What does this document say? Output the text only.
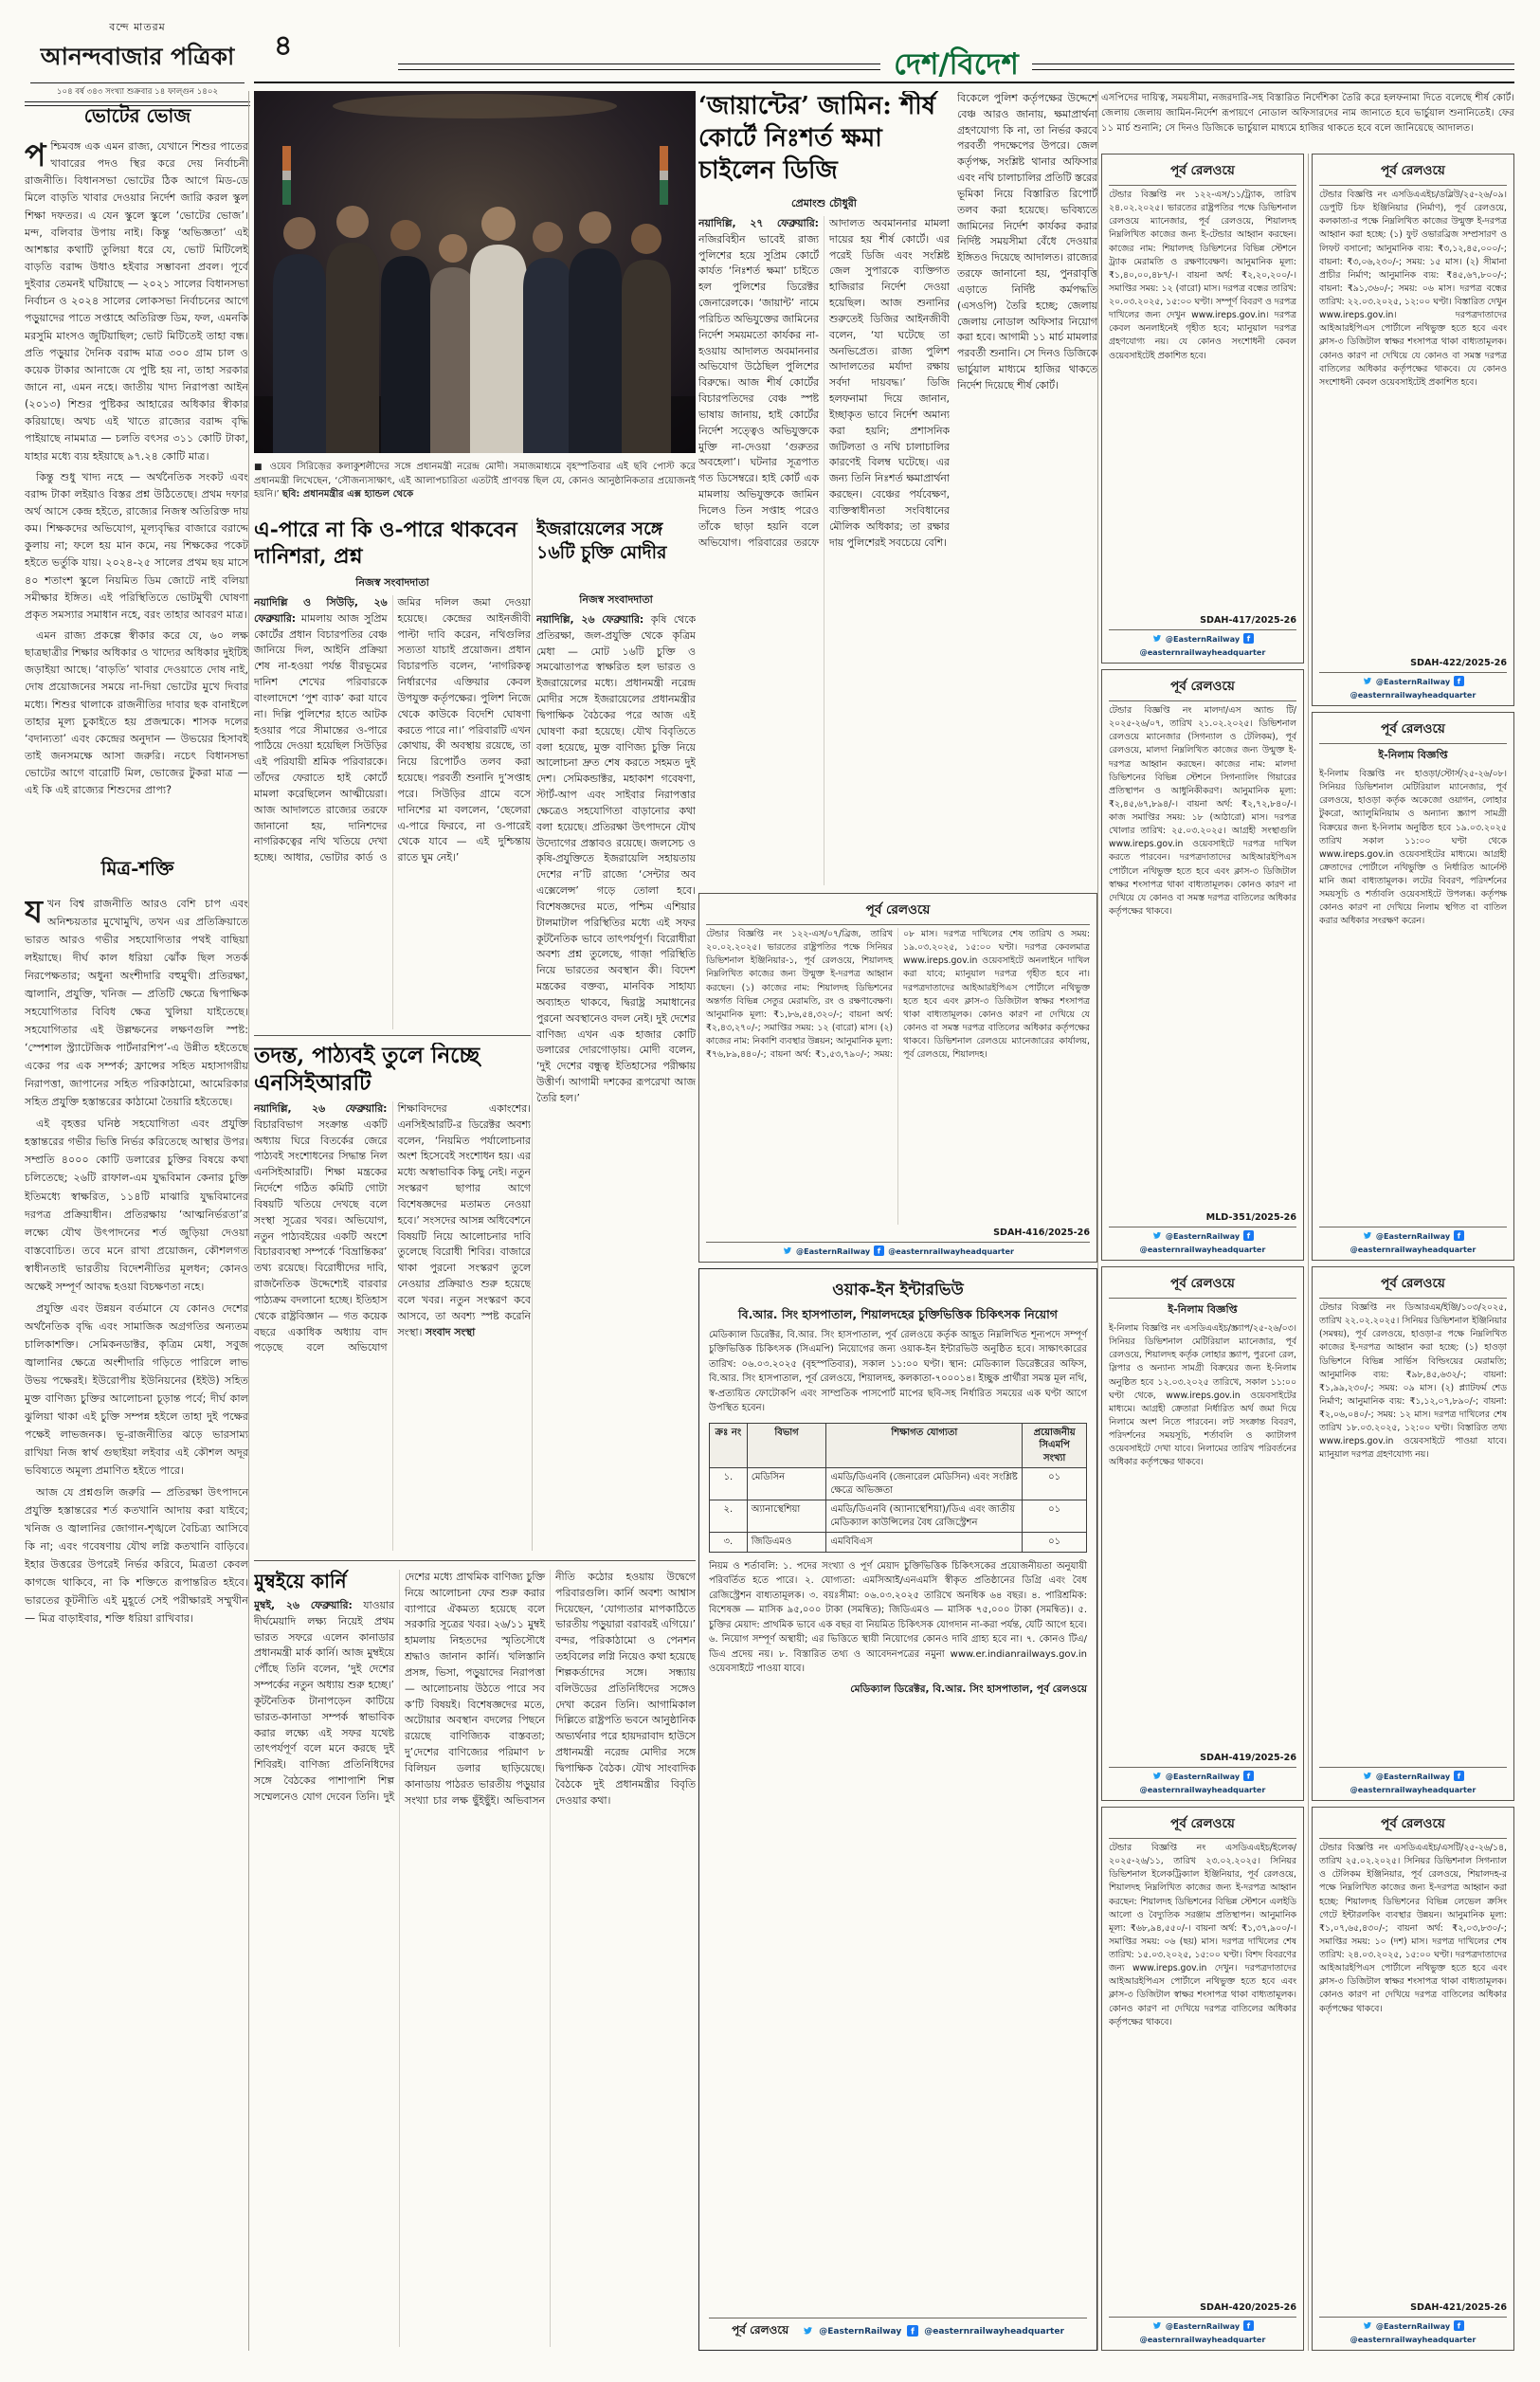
বন্দে মাতরম
আনন্দবাজার পত্রিকা
১০৪ বর্ষ ৩৪৩ সংখ্যা শুক্রবার ১৪ ফাল্গুন ১৪০২
৪
দেশ/বিদেশ
ভোটের ভোজ

পশ্চিমবঙ্গ এক এমন রাজ্য, যেখানে শিশুর পাতের খাবারের পদও স্থির করে দেয় নির্বাচনী রাজনীতি। বিধানসভা ভোটের ঠিক আগে মিড-ডে মিলে বাড়তি খাবার দেওয়ার নির্দেশ জারি করল স্কুল শিক্ষা দফতর। এ যেন স্কুলে স্কুলে ‘ভোটের ভোজ’। মন্দ, বলিবার উপায় নাই। কিন্তু ‘অভিজ্ঞতা’ এই আশঙ্কার কথাটি তুলিয়া ধরে যে, ভোট মিটিলেই বাড়তি বরাদ্দ উধাও হইবার সম্ভাবনা প্রবল। পূর্বে দুইবার তেমনই ঘটিয়াছে — ২০২১ সালের বিধানসভা নির্বাচন ও ২০২৪ সালের লোকসভা নির্বাচনের আগে পড়ুয়াদের পাতে সপ্তাহে অতিরিক্ত ডিম, ফল, এমনকি মরসুমি মাংসও জুটিয়াছিল; ভোট মিটিতেই তাহা বন্ধ। প্রতি পড়ুয়ার দৈনিক বরাদ্দ মাত্র ৩০০ গ্রাম চাল ও কয়েক টাকার আনাজে যে পুষ্টি হয় না, তাহা সরকার জানে না, এমন নহে। জাতীয় খাদ্য নিরাপত্তা আইন (২০১৩) শিশুর পুষ্টিকর আহারের অধিকার স্বীকার করিয়াছে। অথচ এই খাতে রাজ্যের বরাদ্দ বৃদ্ধি পাইয়াছে নামমাত্র — চলতি বৎসর ৩১১ কোটি টাকা, যাহার মধ্যে ব্যয় হইয়াছে ৯৭.২৪ কোটি মাত্র।

কিন্তু শুধু খাদ্য নহে — অর্থনৈতিক সংকট এবং বরাদ্দ টাকা লইয়াও বিস্তর প্রশ্ন উঠিতেছে। প্রথম দফার অর্থ আসে কেন্দ্র হইতে, রাজ্যের নিজস্ব অতিরিক্ত দায় কম। শিক্ষকদের অভিযোগ, মূল্যবৃদ্ধির বাজারে বরাদ্দে কুলায় না; ফলে হয় মান কমে, নয় শিক্ষকের পকেট হইতে ভর্তুকি যায়। ২০২৪-২৫ সালের প্রথম ছয় মাসে ৪০ শতাংশ স্কুলে নিয়মিত ডিম জোটে নাই বলিয়া সমীক্ষার ইঙ্গিত। এই পরিস্থিতিতে ভোটমুখী ঘোষণা প্রকৃত সমস্যার সমাধান নহে, বরং তাহার আবরণ মাত্র।

এমন রাজ্য প্রকল্পে স্বীকার করে যে, ৬০ লক্ষ ছাত্রছাত্রীর শিক্ষার অধিকার ও খাদ্যের অধিকার দুইটিই জড়াইয়া আছে। ‘বাড়তি’ খাবার দেওয়াতে দোষ নাই, দোষ প্রয়োজনের সময়ে না-দিয়া ভোটের মুখে দিবার মধ্যে। শিশুর থালাকে রাজনীতির দাবার ছক বানাইলে তাহার মূল্য চুকাইতে হয় প্রজন্মকে। শাসক দলের ‘বদান্যতা’ এবং কেন্দ্রের অনুদান — উভয়ের হিসাবই তাই জনসমক্ষে আসা জরুরি। নচেৎ বিধানসভা ভোটের আগে বারোটি মিল, ভোজের টুকরা মাত্র — এই কি এই রাজ্যের শিশুদের প্রাপ্য?

মিত্র-শক্তি

যখন বিশ্ব রাজনীতি আরও বেশি চাপ এবং অনিশ্চয়তার মুখোমুখি, তখন এর প্রতিক্রিয়াতে ভারত আরও গভীর সহযোগিতার পথই বাছিয়া লইয়াছে। দীর্ঘ কাল ধরিয়া ঝোঁক ছিল সতর্ক নিরপেক্ষতার; অধুনা অংশীদারি বহুমুখী। প্রতিরক্ষা, জ্বালানি, প্রযুক্তি, খনিজ — প্রতিটি ক্ষেত্রে দ্বিপাক্ষিক সহযোগিতার বিবিধ ক্ষেত্র খুলিয়া যাইতেছে। সহযোগিতার এই উল্লম্ফনের লক্ষণগুলি স্পষ্ট: ‘স্পেশাল স্ট্র্যাটেজিক পার্টনারশিপ’-এ উন্নীত হইতেছে একের পর এক সম্পর্ক; ফ্রান্সের সহিত মহাসাগরীয় নিরাপত্তা, জাপানের সহিত পরিকাঠামো, আমেরিকার সহিত প্রযুক্তি হস্তান্তরের কাঠামো তৈয়ারি হইতেছে।

এই বৃহত্তর ঘনিষ্ঠ সহযোগিতা এবং প্রযুক্তি হস্তান্তরের গভীর ভিত্তি নির্ভর করিতেছে আস্থার উপর। সম্প্রতি ৪০০০ কোটি ডলারের চুক্তির বিষয়ে কথা চলিতেছে; ২৬টি রাফাল-এম যুদ্ধবিমান কেনার চুক্তি ইতিমধ্যে স্বাক্ষরিত, ১১৪টি মাঝারি যুদ্ধবিমানের দরপত্র প্রক্রিয়াধীন। প্রতিরক্ষায় ‘আত্মনির্ভরতা’র লক্ষ্যে যৌথ উৎপাদনের শর্ত জুড়িয়া দেওয়া বাস্তবোচিত। তবে মনে রাখা প্রয়োজন, কৌশলগত স্বাধীনতাই ভারতীয় বিদেশনীতির মূলধন; কোনও অক্ষেই সম্পূর্ণ আবদ্ধ হওয়া বিচক্ষণতা নহে।

প্রযুক্তি এবং উন্নয়ন বর্তমানে যে কোনও দেশের অর্থনৈতিক বৃদ্ধি এবং সামাজিক অগ্রগতির অন্যতম চালিকাশক্তি। সেমিকনডাক্টর, কৃত্রিম মেধা, সবুজ জ্বালানির ক্ষেত্রে অংশীদারি গড়িতে পারিলে লাভ উভয় পক্ষেরই। ইউরোপীয় ইউনিয়নের (ইইউ) সহিত মুক্ত বাণিজ্য চুক্তির আলোচনা চূড়ান্ত পর্বে; দীর্ঘ কাল ঝুলিয়া থাকা এই চুক্তি সম্পন্ন হইলে তাহা দুই পক্ষের পক্ষেই লাভজনক। ভূ-রাজনীতির ঝড়ে ভারসাম্য রাখিয়া নিজ স্বার্থ গুছাইয়া লইবার এই কৌশল অদূর ভবিষ্যতে অমূল্য প্রমাণিত হইতে পারে।

আজ যে প্রশ্নগুলি জরুরি — প্রতিরক্ষা উৎপাদনে প্রযুক্তি হস্তান্তরের শর্ত কতখানি আদায় করা যাইবে; খনিজ ও জ্বালানির জোগান-শৃঙ্খলে বৈচিত্র্য আসিবে কি না; এবং গবেষণায় যৌথ লগ্নি কতখানি বাড়িবে। ইহার উত্তরের উপরেই নির্ভর করিবে, মিত্রতা কেবল কাগজে থাকিবে, না কি শক্তিতে রূপান্তরিত হইবে। ভারতের কূটনীতি এই মুহূর্তে সেই পরীক্ষারই সম্মুখীন — মিত্র বাড়াইবার, শক্তি ধরিয়া রাখিবার।

■ ওয়েব সিরিজ়ের কলাকুশলীদের সঙ্গে প্রধানমন্ত্রী নরেন্দ্র মোদী। সমাজমাধ্যমে বৃহস্পতিবার এই ছবি পোস্ট করে প্রধানমন্ত্রী লিখেছেন, ‘সৌজন্যসাক্ষাৎ, এই আলাপচারিতা এতটাই প্রাণবন্ত ছিল যে, কোনও আনুষ্ঠানিকতার প্রয়োজনই হয়নি।’ ছবি: প্রধানমন্ত্রীর এক্স হ্যান্ডল থেকে
এ-পারে না কি ও-পারে থাকবেন দানিশরা, প্রশ্ন
নিজস্ব সংবাদদাতা

নয়াদিল্লি ও সিউড়ি, ২৬ ফেব্রুয়ারি: মামলায় আজ সুপ্রিম কোর্টের প্রধান বিচারপতির বেঞ্চ জানিয়ে দিল, আইনি প্রক্রিয়া শেষ না-হওয়া পর্যন্ত বীরভূমের দানিশ শেখের পরিবারকে বাংলাদেশে ‘পুশ ব্যাক’ করা যাবে না। দিল্লি পুলিশের হাতে আটক হওয়ার পরে সীমান্তের ও-পারে পাঠিয়ে দেওয়া হয়েছিল সিউড়ির এই পরিযায়ী শ্রমিক পরিবারকে। তাঁদের ফেরাতে হাই কোর্টে মামলা করেছিলেন আত্মীয়েরা। আজ আদালতে রাজ্যের তরফে জানানো হয়, দানিশদের নাগরিকত্বের নথি খতিয়ে দেখা হচ্ছে। আধার, ভোটার কার্ড ও জমির দলিল জমা দেওয়া হয়েছে। কেন্দ্রের আইনজীবী পাল্টা দাবি করেন, নথিগুলির সত্যতা যাচাই প্রয়োজন। প্রধান বিচারপতি বলেন, ‘নাগরিকত্ব নির্ধারণের এক্তিয়ার কেবল উপযুক্ত কর্তৃপক্ষের। পুলিশ নিজে থেকে কাউকে বিদেশি ঘোষণা করতে পারে না।’ পরিবারটি এখন কোথায়, কী অবস্থায় রয়েছে, তা নিয়ে রিপোর্টও তলব করা হয়েছে। পরবর্তী শুনানি দু’সপ্তাহ পরে। সিউড়ির গ্রামে বসে দানিশের মা বললেন, ‘ছেলেরা এ-পারে ফিরবে, না ও-পারেই থেকে যাবে — এই দুশ্চিন্তায় রাতে ঘুম নেই।’

ইজরায়েলের সঙ্গে ১৬টি চুক্তি মোদীর
নিজস্ব সংবাদদাতা

নয়াদিল্লি, ২৬ ফেব্রুয়ারি: কৃষি থেকে প্রতিরক্ষা, জল-প্রযুক্তি থেকে কৃত্রিম মেধা — মোট ১৬টি চুক্তি ও সমঝোতাপত্র স্বাক্ষরিত হল ভারত ও ইজরায়েলের মধ্যে। প্রধানমন্ত্রী নরেন্দ্র মোদীর সঙ্গে ইজরায়েলের প্রধানমন্ত্রীর দ্বিপাক্ষিক বৈঠকের পরে আজ এই ঘোষণা করা হয়েছে। যৌথ বিবৃতিতে বলা হয়েছে, মুক্ত বাণিজ্য চুক্তি নিয়ে আলোচনা দ্রুত শেষ করতে সহমত দুই দেশ। সেমিকন্ডাক্টর, মহাকাশ গবেষণা, স্টার্ট-আপ এবং সাইবার নিরাপত্তার ক্ষেত্রেও সহযোগিতা বাড়ানোর কথা বলা হয়েছে। প্রতিরক্ষা উৎপাদনে যৌথ উদ্যোগের প্রস্তাবও রয়েছে। জলসেচ ও কৃষি-প্রযুক্তিতে ইজরায়েলি সহায়তায় দেশের ন’টি রাজ্যে ‘সেন্টার অব এক্সেলেন্স’ গড়ে তোলা হবে। বিশেষজ্ঞদের মতে, পশ্চিম এশিয়ার টালমাটাল পরিস্থিতির মধ্যে এই সফর কূটনৈতিক ভাবে তাৎপর্যপূর্ণ। বিরোধীরা অবশ্য প্রশ্ন তুলেছে, গাজ়া পরিস্থিতি নিয়ে ভারতের অবস্থান কী। বিদেশ মন্ত্রকের বক্তব্য, মানবিক সাহায্য অব্যাহত থাকবে, দ্বিরাষ্ট্র সমাধানের পুরনো অবস্থানেও বদল নেই। দুই দেশের বাণিজ্য এখন এক হাজার কোটি ডলারের দোরগোড়ায়। মোদী বলেন, ‘দুই দেশের বন্ধুত্ব ইতিহাসের পরীক্ষায় উত্তীর্ণ। আগামী দশকের রূপরেখা আজ তৈরি হল।’

তদন্ত, পাঠ্যবই তুলে নিচ্ছে এনসিইআরটি

নয়াদিল্লি, ২৬ ফেব্রুয়ারি: বিচারবিভাগ সংক্রান্ত একটি অধ্যায় ঘিরে বিতর্কের জেরে পাঠ্যবই সংশোধনের সিদ্ধান্ত নিল এনসিইআরটি। শিক্ষা মন্ত্রকের নির্দেশে গঠিত কমিটি গোটা বিষয়টি খতিয়ে দেখছে বলে সংস্থা সূত্রের খবর। অভিযোগ, নতুন পাঠ্যবইয়ের একটি অংশে বিচারব্যবস্থা সম্পর্কে ‘বিভ্রান্তিকর’ তথ্য রয়েছে। বিরোধীদের দাবি, রাজনৈতিক উদ্দেশ্যেই বারবার পাঠ্যক্রম বদলানো হচ্ছে। ইতিহাস থেকে রাষ্ট্রবিজ্ঞান — গত কয়েক বছরে একাধিক অধ্যায় বাদ পড়েছে বলে অভিযোগ শিক্ষাবিদদের একাংশের। এনসিইআরটি-র ডিরেক্টর অবশ্য বলেন, ‘নিয়মিত পর্যালোচনার অংশ হিসেবেই সংশোধন হয়। এর মধ্যে অস্বাভাবিক কিছু নেই। নতুন সংস্করণ ছাপার আগে বিশেষজ্ঞদের মতামত নেওয়া হবে।’ সংসদের আসন্ন অধিবেশনে বিষয়টি নিয়ে আলোচনার দাবি তুলেছে বিরোধী শিবির। বাজারে থাকা পুরনো সংস্করণ তুলে নেওয়ার প্রক্রিয়াও শুরু হয়েছে বলে খবর। নতুন সংস্করণ কবে আসবে, তা অবশ্য স্পষ্ট করেনি সংস্থা। সংবাদ সংস্থা

মুম্বইয়ে কার্নি

মুম্বই, ২৬ ফেব্রুয়ারি: যাওয়ার দীর্ঘমেয়াদি লক্ষ্য নিয়েই প্রথম ভারত সফরে এলেন কানাডার প্রধানমন্ত্রী মার্ক কার্নি। আজ মুম্বইয়ে পৌঁছে তিনি বলেন, ‘দুই দেশের সম্পর্কের নতুন অধ্যায় শুরু হচ্ছে।’ কূটনৈতিক টানাপড়েন কাটিয়ে ভারত-কানাডা সম্পর্ক স্বাভাবিক করার লক্ষ্যে এই সফর যথেষ্ট তাৎপর্যপূর্ণ বলে মনে করছে দুই শিবিরই। বাণিজ্য প্রতিনিধিদের সঙ্গে বৈঠকের পাশাপাশি শিল্প সম্মেলনেও যোগ দেবেন তিনি। দুই দেশের মধ্যে প্রাথমিক বাণিজ্য চুক্তি নিয়ে আলোচনা ফের শুরু করার ব্যাপারে ঐকমত্য হয়েছে বলে সরকারি সূত্রের খবর। ২৬/১১ মুম্বই হামলায় নিহতদের স্মৃতিসৌধে শ্রদ্ধাও জানান কার্নি। খলিস্তানি প্রসঙ্গ, ভিসা, পড়ুয়াদের নিরাপত্তা — আলোচনায় উঠতে পারে সব ক’টি বিষয়ই। বিশেষজ্ঞদের মতে, অটোয়ার অবস্থান বদলের পিছনে রয়েছে বাণিজ্যিক বাস্তবতা; দু’দেশের বাণিজ্যের পরিমাণ ৮ বিলিয়ন ডলার ছাড়িয়েছে। কানাডায় পাঠরত ভারতীয় পড়ুয়ার সংখ্যা চার লক্ষ ছুঁইছুঁই। অভিবাসন নীতি কঠোর হওয়ায় উদ্বেগে পরিবারগুলি। কার্নি অবশ্য আশ্বাস দিয়েছেন, ‘যোগ্যতার মাপকাঠিতে ভারতীয় পড়ুয়ারা বরাবরই এগিয়ে।’ বন্দর, পরিকাঠামো ও পেনশন তহবিলের লগ্নি নিয়েও কথা হয়েছে শিল্পকর্তাদের সঙ্গে। সন্ধ্যায় বলিউডের প্রতিনিধিদের সঙ্গেও দেখা করেন তিনি। আগামিকাল দিল্লিতে রাষ্ট্রপতি ভবনে আনুষ্ঠানিক অভ্যর্থনার পরে হায়দরাবাদ হাউসে প্রধানমন্ত্রী নরেন্দ্র মোদীর সঙ্গে দ্বিপাক্ষিক বৈঠক। যৌথ সাংবাদিক বৈঠকে দুই প্রধানমন্ত্রীর বিবৃতি দেওয়ার কথা।

‘জায়ান্টের’ জামিন: শীর্ষ কোর্টে নিঃশর্ত ক্ষমা চাইলেন ডিজি
প্রেমাংশু চৌধুরী

নয়াদিল্লি, ২৭ ফেব্রুয়ারি: নজিরবিহীন ভাবেই রাজ্য পুলিশের হয়ে সুপ্রিম কোর্টে কার্যত ‘নিঃশর্ত ক্ষমা’ চাইতে হল পুলিশের ডিরেক্টর জেনারেলকে। ‘জায়ান্ট’ নামে পরিচিত অভিযুক্তের জামিনের নির্দেশ সময়মতো কার্যকর না-হওয়ায় আদালত অবমাননার অভিযোগ উঠেছিল পুলিশের বিরুদ্ধে। আজ শীর্ষ কোর্টের বিচারপতিদের বেঞ্চ স্পষ্ট ভাষায় জানায়, হাই কোর্টের নির্দেশ সত্ত্বেও অভিযুক্তকে মুক্তি না-দেওয়া ‘গুরুতর অবহেলা’। ঘটনার সূত্রপাত গত ডিসেম্বরে। হাই কোর্ট এক মামলায় অভিযুক্তকে জামিন দিলেও তিন সপ্তাহ পরেও তাঁকে ছাড়া হয়নি বলে অভিযোগ। পরিবারের তরফে আদালত অবমাননার মামলা দায়ের হয় শীর্ষ কোর্টে। এর পরেই ডিজি এবং সংশ্লিষ্ট জেল সুপারকে ব্যক্তিগত হাজিরার নির্দেশ দেওয়া হয়েছিল। আজ শুনানির শুরুতেই ডিজির আইনজীবী বলেন, ‘যা ঘটেছে তা অনভিপ্রেত। রাজ্য পুলিশ আদালতের মর্যাদা রক্ষায় সর্বদা দায়বদ্ধ।’ ডিজি হলফনামা দিয়ে জানান, ইচ্ছাকৃত ভাবে নির্দেশ অমান্য করা হয়নি; প্রশাসনিক জটিলতা ও নথি চালাচালির কারণেই বিলম্ব ঘটেছে। এর জন্য তিনি নিঃশর্ত ক্ষমাপ্রার্থনা করছেন। বেঞ্চের পর্যবেক্ষণ, ব্যক্তিস্বাধীনতা সংবিধানের মৌলিক অধিকার; তা রক্ষার দায় পুলিশেরই সবচেয়ে বেশি।

বিকেলে পুলিশ কর্তৃপক্ষের উদ্দেশে বেঞ্চ আরও জানায়, ক্ষমাপ্রার্থনা গ্রহণযোগ্য কি না, তা নির্ভর করবে পরবর্তী পদক্ষেপের উপরে। জেল কর্তৃপক্ষ, সংশ্লিষ্ট থানার অফিসার এবং নথি চালাচালির প্রতিটি স্তরের ভূমিকা নিয়ে বিস্তারিত রিপোর্ট তলব করা হয়েছে। ভবিষ্যতে জামিনের নির্দেশ কার্যকর করার নির্দিষ্ট সময়সীমা বেঁধে দেওয়ার ইঙ্গিতও দিয়েছে আদালত। রাজ্যের তরফে জানানো হয়, পুনরাবৃত্তি এড়াতে নির্দিষ্ট কর্মপদ্ধতি (এসওপি) তৈরি হচ্ছে; জেলায় জেলায় নোডাল অফিসার নিয়োগ করা হবে। আগামী ১১ মার্চ মামলার পরবর্তী শুনানি। সে দিনও ডিজিকে ভার্চুয়াল মাধ্যমে হাজির থাকতে নির্দেশ দিয়েছে শীর্ষ কোর্ট।

এসপিদের দায়িত্ব, সময়সীমা, নজরদারি-সহ বিস্তারিত নির্দেশিকা তৈরি করে হলফনামা দিতে বলেছে শীর্ষ কোর্ট। জেলায় জেলায় জামিন-নির্দেশ রূপায়ণে নোডাল অফিসারদের নাম জানাতে হবে ভার্চুয়াল শুনানিতেই। ফের ১১ মার্চ শুনানি; সে দিনও ডিজিকে ভার্চুয়াল মাধ্যমে হাজির থাকতে হবে বলে জানিয়েছে আদালত।

পূর্ব রেলওয়ে
টেন্ডার বিজ্ঞপ্তি নং ১২২-এস/০৭/ব্রিজ, তারিখ ২০.০২.২০২৫। ভারতের রাষ্ট্রপতির পক্ষে সিনিয়র ডিভিশনাল ইঞ্জিনিয়ার-১, পূর্ব রেলওয়ে, শিয়ালদহ নিম্নলিখিত কাজের জন্য উন্মুক্ত ই-দরপত্র আহ্বান করছেন। (১) কাজের নাম: শিয়ালদহ ডিভিশনের অন্তর্গত বিভিন্ন সেতুর মেরামতি, রং ও রক্ষণাবেক্ষণ। আনুমানিক মূল্য: ₹১,৮৬,৫৪,৩২০/-; বায়না অর্থ: ₹২,৪৩,২৭০/-; সমাপ্তির সময়: ১২ (বারো) মাস। (২) কাজের নাম: নিকাশি ব্যবস্থার উন্নয়ন; আনুমানিক মূল্য: ₹৭৬,৮৯,৪৪০/-; বায়না অর্থ: ₹১,৫৩,৭৯০/-; সময়: ০৮ মাস। দরপত্র দাখিলের শেষ তারিখ ও সময়: ১৯.০৩.২০২৫, ১৫:০০ ঘণ্টা। দরপত্র কেবলমাত্র www.ireps.gov.in ওয়েবসাইটে অনলাইনে দাখিল করা যাবে; ম্যানুয়াল দরপত্র গৃহীত হবে না। দরপত্রদাতাদের আইআরইপিএস পোর্টালে নথিভুক্ত হতে হবে এবং ক্লাস-৩ ডিজিটাল স্বাক্ষর শংসাপত্র থাকা বাধ্যতামূলক। কোনও কারণ না দেখিয়ে যে কোনও বা সমস্ত দরপত্র বাতিলের অধিকার কর্তৃপক্ষের থাকবে। ডিভিশনাল রেলওয়ে ম্যানেজারের কার্যালয়, পূর্ব রেলওয়ে, শিয়ালদহ।
SDAH-416/2025-26
@EasternRailway f @easternrailwayheadquarter
ওয়াক-ইন ইন্টারভিউ
বি.আর. সিং হাসপাতাল, শিয়ালদহের চুক্তিভিত্তিক চিকিৎসক নিয়োগ
মেডিক্যাল ডিরেক্টর, বি.আর. সিং হাসপাতাল, পূর্ব রেলওয়ে কর্তৃক আহূত নিম্নলিখিত শূন্যপদে সম্পূর্ণ চুক্তিভিত্তিক চিকিৎসক (সিএমপি) নিয়োগের জন্য ওয়াক-ইন ইন্টারভিউ অনুষ্ঠিত হবে। সাক্ষাৎকারের তারিখ: ০৬.০৩.২০২৫ (বৃহস্পতিবার), সকাল ১১:০০ ঘণ্টা। স্থান: মেডিক্যাল ডিরেক্টরের অফিস, বি.আর. সিং হাসপাতাল, পূর্ব রেলওয়ে, শিয়ালদহ, কলকাতা-৭০০০১৪। ইচ্ছুক প্রার্থীরা সমস্ত মূল নথি, স্ব-প্রত্যয়িত ফোটোকপি এবং সাম্প্রতিক পাসপোর্ট মাপের ছবি-সহ নির্ধারিত সময়ের এক ঘণ্টা আগে উপস্থিত হবেন।
ক্রঃ নং	বিভাগ	শিক্ষাগত যোগ্যতা	প্রয়োজনীয় সিএমপি সংখ্যা
১.	মেডিসিন	এমডি/ডিএনবি (জেনারেল মেডিসিন) এবং সংশ্লিষ্ট ক্ষেত্রে অভিজ্ঞতা	০১
২.	অ্যানাস্থেশিয়া	এমডি/ডিএনবি (অ্যানাস্থেশিয়া)/ডিএ এবং জাতীয় মেডিক্যাল কাউন্সিলের বৈধ রেজিস্ট্রেশন	০১
৩.	জিডিএমও	এমবিবিএস	০১
নিয়ম ও শর্তাবলি: ১. পদের সংখ্যা ও পূর্ণ মেয়াদ চুক্তিভিত্তিক চিকিৎসকের প্রয়োজনীয়তা অনুযায়ী পরিবর্তিত হতে পারে। ২. যোগ্যতা: এমসিআই/এনএমসি স্বীকৃত প্রতিষ্ঠানের ডিগ্রি এবং বৈধ রেজিস্ট্রেশন বাধ্যতামূলক। ৩. বয়ঃসীমা: ০৬.০৩.২০২৫ তারিখে অনধিক ৬৪ বছর। ৪. পারিশ্রমিক: বিশেষজ্ঞ — মাসিক ৯৫,০০০ টাকা (সমন্বিত); জিডিএমও — মাসিক ৭৫,০০০ টাকা (সমন্বিত)। ৫. চুক্তির মেয়াদ: প্রাথমিক ভাবে এক বছর বা নিয়মিত চিকিৎসক যোগদান না-করা পর্যন্ত, যেটি আগে হবে। ৬. নিয়োগ সম্পূর্ণ অস্থায়ী; এর ভিত্তিতে স্থায়ী নিয়োগের কোনও দাবি গ্রাহ্য হবে না। ৭. কোনও টিএ/ডিএ প্রদেয় নয়। ৮. বিস্তারিত তথ্য ও আবেদনপত্রের নমুনা www.er.indianrailways.gov.in ওয়েবসাইটে পাওয়া যাবে।
মেডিক্যাল ডিরেক্টর, বি.আর. সিং হাসপাতাল, পূর্ব রেলওয়ে
পূর্ব রেলওয়ে	@EasternRailway f @easternrailwayheadquarter
পূর্ব রেলওয়ে
টেন্ডার বিজ্ঞপ্তি নং ১২২-এস/১১/ট্র্যাক, তারিখ ২৪.০২.২০২৫। ভারতের রাষ্ট্রপতির পক্ষে ডিভিশনাল রেলওয়ে ম্যানেজার, পূর্ব রেলওয়ে, শিয়ালদহ নিম্নলিখিত কাজের জন্য ই-টেন্ডার আহ্বান করছেন। কাজের নাম: শিয়ালদহ ডিভিশনের বিভিন্ন স্টেশনে ট্র্যাক মেরামতি ও রক্ষণাবেক্ষণ। আনুমানিক মূল্য: ₹১,৪০,০০,৪৮৭/-। বায়না অর্থ: ₹২,২০,২০০/-। সমাপ্তির সময়: ১২ (বারো) মাস। দরপত্র বন্ধের তারিখ: ২০.০৩.২০২৫, ১৫:০০ ঘণ্টা। সম্পূর্ণ বিবরণ ও দরপত্র দাখিলের জন্য দেখুন www.ireps.gov.in। দরপত্র কেবল অনলাইনেই গৃহীত হবে; ম্যানুয়াল দরপত্র গ্রহণযোগ্য নয়। যে কোনও সংশোধনী কেবল ওয়েবসাইটেই প্রকাশিত হবে।
SDAH-417/2025-26
@EasternRailway f
@easternrailwayheadquarter
পূর্ব রেলওয়ে
টেন্ডার বিজ্ঞপ্তি নং মালদা/এস অ্যান্ড টি/২০২৫-২৬/০৭, তারিখ ২১.০২.২০২৫। ডিভিশনাল রেলওয়ে ম্যানেজার (সিগন্যাল ও টেলিকম), পূর্ব রেলওয়ে, মালদা নিম্নলিখিত কাজের জন্য উন্মুক্ত ই-দরপত্র আহ্বান করছেন। কাজের নাম: মালদা ডিভিশনের বিভিন্ন স্টেশনে সিগন্যালিং গিয়ারের প্রতিস্থাপন ও আধুনিকীকরণ। আনুমানিক মূল্য: ₹২,৪৫,৬৭,৮৯৪/-। বায়না অর্থ: ₹২,৭২,৮৪০/-। কাজ সমাপ্তির সময়: ১৮ (আঠারো) মাস। দরপত্র খোলার তারিখ: ২৫.০৩.২০২৫। আগ্রহী সংস্থাগুলি www.ireps.gov.in ওয়েবসাইটে দরপত্র দাখিল করতে পারবেন। দরপত্রদাতাদের আইআরইপিএস পোর্টালে নথিভুক্ত হতে হবে এবং ক্লাস-৩ ডিজিটাল স্বাক্ষর শংসাপত্র থাকা বাধ্যতামূলক। কোনও কারণ না দেখিয়ে যে কোনও বা সমস্ত দরপত্র বাতিলের অধিকার কর্তৃপক্ষের থাকবে।
MLD-351/2025-26
@EasternRailway f
@easternrailwayheadquarter
পূর্ব রেলওয়ে
ই-নিলাম বিজ্ঞপ্তি
ই-নিলাম বিজ্ঞপ্তি নং এসডিএএইচ/স্ক্র্যাপ/২৫-২৬/০৩। সিনিয়র ডিভিশনাল মেটিরিয়াল ম্যানেজার, পূর্ব রেলওয়ে, শিয়ালদহ কর্তৃক লোহার স্ক্র্যাপ, পুরনো রেল, স্লিপার ও অন্যান্য সামগ্রী বিক্রয়ের জন্য ই-নিলাম অনুষ্ঠিত হবে ১২.০৩.২০২৫ তারিখে, সকাল ১১:০০ ঘণ্টা থেকে, www.ireps.gov.in ওয়েবসাইটের মাধ্যমে। আগ্রহী ক্রেতারা নির্ধারিত অর্থ জমা দিয়ে নিলামে অংশ নিতে পারবেন। লট সংক্রান্ত বিবরণ, পরিদর্শনের সময়সূচি, শর্তাবলি ও ক্যাটালগ ওয়েবসাইটে দেখা যাবে। নিলামের তারিখ পরিবর্তনের অধিকার কর্তৃপক্ষের থাকবে।
SDAH-419/2025-26
@EasternRailway f
@easternrailwayheadquarter
পূর্ব রেলওয়ে
টেন্ডার বিজ্ঞপ্তি নং এসডিএএইচ/ইলেক/২০২৫-২৬/১১, তারিখ ২৩.০২.২০২৫। সিনিয়র ডিভিশনাল ইলেকট্রিক্যাল ইঞ্জিনিয়ার, পূর্ব রেলওয়ে, শিয়ালদহ নিম্নলিখিত কাজের জন্য ই-দরপত্র আহ্বান করছেন: শিয়ালদহ ডিভিশনের বিভিন্ন স্টেশনে এলইডি আলো ও বৈদ্যুতিক সরঞ্জাম প্রতিস্থাপন। আনুমানিক মূল্য: ₹৬৮,৯৪,৫৫০/-। বায়না অর্থ: ₹১,৩৭,৯০০/-। সমাপ্তির সময়: ০৬ (ছয়) মাস। দরপত্র দাখিলের শেষ তারিখ: ১৫.০৩.২০২৫, ১৫:০০ ঘণ্টা। বিশদ বিবরণের জন্য www.ireps.gov.in দেখুন। দরপত্রদাতাদের আইআরইপিএস পোর্টালে নথিভুক্ত হতে হবে এবং ক্লাস-৩ ডিজিটাল স্বাক্ষর শংসাপত্র থাকা বাধ্যতামূলক। কোনও কারণ না দেখিয়ে দরপত্র বাতিলের অধিকার কর্তৃপক্ষের থাকবে।
SDAH-420/2025-26
@EasternRailway f
@easternrailwayheadquarter
পূর্ব রেলওয়ে
টেন্ডার বিজ্ঞপ্তি নং এসডিএএইচ/ডব্লিউ/২৫-২৬/০৯। ডেপুটি চিফ ইঞ্জিনিয়ার (নির্মাণ), পূর্ব রেলওয়ে, কলকাতা-র পক্ষে নিম্নলিখিত কাজের উন্মুক্ত ই-দরপত্র আহ্বান করা হচ্ছে: (১) ফুট ওভারব্রিজ সম্প্রসারণ ও লিফট বসানো; আনুমানিক ব্যয়: ₹৩,১২,৪৫,০০০/-; বায়না: ₹৩,০৬,২৩০/-; সময়: ১৫ মাস। (২) সীমানা প্রাচীর নির্মাণ; আনুমানিক ব্যয়: ₹৪৫,৬৭,৮০০/-; বায়না: ₹৯১,৩৬০/-; সময়: ০৬ মাস। দরপত্র বন্ধের তারিখ: ২২.০৩.২০২৫, ১২:০০ ঘণ্টা। বিস্তারিত দেখুন www.ireps.gov.in। দরপত্রদাতাদের আইআরইপিএস পোর্টালে নথিভুক্ত হতে হবে এবং ক্লাস-৩ ডিজিটাল স্বাক্ষর শংসাপত্র থাকা বাধ্যতামূলক। কোনও কারণ না দেখিয়ে যে কোনও বা সমস্ত দরপত্র বাতিলের অধিকার কর্তৃপক্ষের থাকবে। যে কোনও সংশোধনী কেবল ওয়েবসাইটেই প্রকাশিত হবে।
SDAH-422/2025-26
@EasternRailway f
@easternrailwayheadquarter
পূর্ব রেলওয়ে
ই-নিলাম বিজ্ঞপ্তি
ই-নিলাম বিজ্ঞপ্তি নং হাওড়া/স্টোর্স/২৫-২৬/০৮। সিনিয়র ডিভিশনাল মেটিরিয়াল ম্যানেজার, পূর্ব রেলওয়ে, হাওড়া কর্তৃক অকেজো ওয়াগন, লোহার টুকরো, অ্যালুমিনিয়াম ও অন্যান্য স্ক্র্যাপ সামগ্রী বিক্রয়ের জন্য ই-নিলাম অনুষ্ঠিত হবে ১৯.০৩.২০২৫ তারিখ সকাল ১১:০০ ঘণ্টা থেকে www.ireps.gov.in ওয়েবসাইটের মাধ্যমে। আগ্রহী ক্রেতাদের পোর্টালে নথিভুক্তি ও নির্ধারিত আর্নেস্ট মানি জমা বাধ্যতামূলক। লটের বিবরণ, পরিদর্শনের সময়সূচি ও শর্তাবলি ওয়েবসাইটে উপলব্ধ। কর্তৃপক্ষ কোনও কারণ না দেখিয়ে নিলাম স্থগিত বা বাতিল করার অধিকার সংরক্ষণ করেন।
@EasternRailway f
@easternrailwayheadquarter
পূর্ব রেলওয়ে
টেন্ডার বিজ্ঞপ্তি নং ডিআরএম/ইঞ্জি/১০৩/২০২৫, তারিখ ২২.০২.২০২৫। সিনিয়র ডিভিশনাল ইঞ্জিনিয়ার (সমন্বয়), পূর্ব রেলওয়ে, হাওড়া-র পক্ষে নিম্নলিখিত কাজের ই-দরপত্র আহ্বান করা হচ্ছে: (১) হাওড়া ডিভিশনে বিভিন্ন সার্ভিস বিল্ডিংয়ের মেরামতি; আনুমানিক ব্যয়: ₹৯৮,৪৫,৬৩২/-; বায়না: ₹১,৯৯,২৩০/-; সময়: ০৯ মাস। (২) প্ল্যাটফর্ম শেড নির্মাণ; আনুমানিক ব্যয়: ₹১,১২,০৭,৮৯০/-; বায়না: ₹২,০৬,০৪০/-; সময়: ১২ মাস। দরপত্র দাখিলের শেষ তারিখ ১৮.০৩.২০২৫, ১২:০০ ঘণ্টা। বিস্তারিত তথ্য www.ireps.gov.in ওয়েবসাইটে পাওয়া যাবে। ম্যানুয়াল দরপত্র গ্রহণযোগ্য নয়।
@EasternRailway f
@easternrailwayheadquarter
পূর্ব রেলওয়ে
টেন্ডার বিজ্ঞপ্তি নং এসডিএএইচ/এসটি/২৫-২৬/১৪, তারিখ ২৫.০২.২০২৫। সিনিয়র ডিভিশনাল সিগন্যাল ও টেলিকম ইঞ্জিনিয়ার, পূর্ব রেলওয়ে, শিয়ালদহ-র পক্ষে নিম্নলিখিত কাজের জন্য ই-দরপত্র আহ্বান করা হচ্ছে: শিয়ালদহ ডিভিশনের বিভিন্ন লেভেল ক্রসিং গেটে ইন্টারলকিং ব্যবস্থার উন্নয়ন। আনুমানিক মূল্য: ₹১,০৭,৬৫,৪৩০/-; বায়না অর্থ: ₹২,০৩,৮৩০/-; সমাপ্তির সময়: ১০ (দশ) মাস। দরপত্র দাখিলের শেষ তারিখ: ২৪.০৩.২০২৫, ১৫:০০ ঘণ্টা। দরপত্রদাতাদের আইআরইপিএস পোর্টালে নথিভুক্ত হতে হবে এবং ক্লাস-৩ ডিজিটাল স্বাক্ষর শংসাপত্র থাকা বাধ্যতামূলক। কোনও কারণ না দেখিয়ে দরপত্র বাতিলের অধিকার কর্তৃপক্ষের থাকবে।
SDAH-421/2025-26
@EasternRailway f
@easternrailwayheadquarter
